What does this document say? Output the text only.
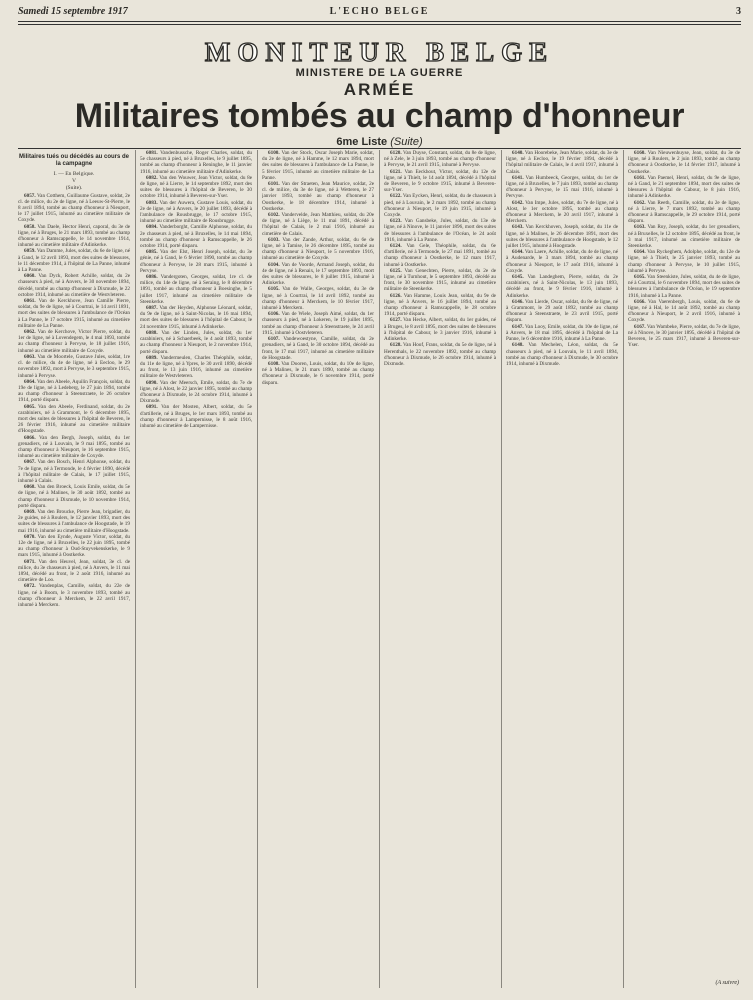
Samedi 15 septembre 1917	L'ECHO BELGE	3
MONITEUR BELGE
MINISTERE DE LA GUERRE
ARMÉE
Militaires tombés au champ d'honneur
6me Liste (Suite)
Militaires tués ou décédés au cours de la campagne
I. — En Belgique.
V
(Suite).

6057. Van Cotthem, Guillaume Gustave, soldat, 2e cl. de milice, du 2e de ligne, né à Leeuw-St-Pierre, le 8 avril 1894, tombé au champ d'honneur à Nieuport, le 17 juillet 1915, inhumé au cimetière militaire de Coxyde.

6058. Van Daele, Hector Henri, caporal, du 3e de ligne, né à Bruges, le 21 mars 1893, tombé au champ d'honneur à Ramscappelle, le 14 novembre 1914, inhumé au cimetière militaire d'Adinkerke.

6059. Van Damme, Jules, soldat, du 6e de ligne, né à Gand, le 12 avril 1893, mort des suites de blessures, le 11 décembre 1914, à l'hôpital de La Panne, inhumé à La Panne.

6060. Van Dyck, Robert Achille, soldat, du 2e chasseurs à pied, né à Anvers, le 30 novembre 1894, décédé, tombé au champ d'honneur à Dixmude, le 22 octobre 1914, inhumé au cimetière de Westvleteren.

6061. Van de Kerckhove, Jean Camille Pierre, soldat, du 9e de ligne, né à Courtrai, le 14 avril 1891, mort des suites de blessures à l'ambulance de l'Océan à La Panne, le 17 octobre 1915, inhumé au cimetière militaire de La Panne.

6062. Van de Kerchove, Victor Pierre, soldat, du 1er de ligne, né à Lovendegem, le 4 mai 1893, tombé au champ d'honneur à Pervyse, le 18 juillet 1916, inhumé au cimetière militaire de Coxyde.

6063. Van de Moortele, Gustave Jules, soldat, 1re cl. de milice, du 4e de ligne, né à Eecloo, le 29 novembre 1892, mort à Pervyse, le 3 septembre 1915, inhumé à Pervyse.

6064. Van den Abeele, Aquilin François, soldat, du 19e de ligne, né à Ledeberg, le 27 juin 1894, tombé au champ d'honneur à Steenstraete, le 26 octobre 1914, porté disparu.

6065. Van den Abeele, Ferdinand, soldat, du 2e carabiniers, né à Grammont, le 6 décembre 1895, mort des suites de blessures à l'hôpital de Beveren, le 26 février 1916, inhumé au cimetière militaire d'Hoogstade.

6066. Van den Bergh, Joseph, soldat, du 1er grenadiers, né à Louvain, le 9 mai 1895, tombé au champ d'honneur à Nieuport, le 16 septembre 1915, inhumé au cimetière militaire de Coxyde.

6067. Van den Bosch, Henri Alphonse, soldat, du 7e de ligne, né à Termonde, le 4 février 1890, décédé à l'hôpital militaire de Calais, le 17 juillet 1915, inhumé à Calais.

6068. Van den Broeck, Louis Emile, soldat, du 5e de ligne, né à Malines, le 30 août 1892, tombé au champ d'honneur à Dixmude, le 10 novembre 1914, porté disparu.

6069. Van den Broucke, Pierre Jean, brigadier, du 2e guides, né à Roulers, le 12 janvier 1893, mort des suites de blessures à l'ambulance de Hoogstade, le 19 mai 1916, inhumé au cimetière militaire d'Hoogstade.

6070. Van den Eynde, Auguste Victor, soldat, du 12e de ligne, né à Bruxelles, le 22 juin 1895, tombé au champ d'honneur à Oud-Stuyvekenskerke, le 9 mars 1915, inhumé à Oostkerke.

6071. Van den Heuvel, Jean, soldat, 3e cl. de milice, du 3e chasseurs à pied, né à Anvers, le 11 mai 1894, décédé au front, le 2 août 1916, inhumé au cimetière de Loo.

6072. Vandenplas, Camille, soldat, du 22e de ligne, né à Boom, le 3 novembre 1893, tombé au champ d'honneur à Merckem, le 22 avril 1917, inhumé à Merckem.

6081. Vandenbussche, Roger Charles, soldat, du 5e chasseurs à pied, né à Bruxelles, le 9 juillet 1895, tombé au champ d'honneur à Reninghe, le 11 janvier 1916, inhumé au cimetière militaire d'Adinkerke.

6082. Van den Wouwer, Jean Victor, soldat, du 8e de ligne, né à Lierre, le 14 septembre 1892, mort des suites de blessures à l'hôpital de Beveren, le 30 octobre 1914, inhumé à Beveren-sur-Yser.

6083. Van der Auwera, Gustave Louis, soldat, du 2e de ligne, né à Anvers, le 20 juillet 1893, décédé à l'ambulance de Rousbrugge, le 17 octobre 1915, inhumé au cimetière militaire de Rousbrugge.

6084. Vanderborght, Camille Alphonse, soldat, du 2e chasseurs à pied, né à Bruxelles, le 14 mai 1894, tombé au champ d'honneur à Ramscappelle, le 26 octobre 1914, porté disparu.

6085. Van der Elst, Henri Joseph, soldat, du 3e génie, né à Gand, le 6 février 1890, tombé au champ d'honneur à Pervyse, le 28 mars 1915, inhumé à Pervyse.

6086. Vandergoten, Georges, soldat, 1re cl. de milice, du 14e de ligne, né à Seraing, le 8 décembre 1891, tombé au champ d'honneur à Boesinghe, le 5 juillet 1917, inhumé au cimetière militaire de Steenkerke.

6087. Van der Heyden, Alphonse Léonard, soldat, du 9e de ligne, né à Saint-Nicolas, le 16 mai 1894, mort des suites de blessures à l'hôpital de Cabour, le 24 novembre 1915, inhumé à Adinkerke.

6088. Van der Linden, Jules, soldat, du 1er carabiniers, né à Schaerbeek, le 4 août 1893, tombé au champ d'honneur à Nieuport, le 2 novembre 1914, porté disparu.

6089. Vandermeulen, Charles Théophile, soldat, du 11e de ligne, né à Ypres, le 30 avril 1890, décédé au front, le 13 juin 1916, inhumé au cimetière militaire de Westvleteren.

6090. Van der Meersch, Emile, soldat, du 7e de ligne, né à Alost, le 22 janvier 1895, tombé au champ d'honneur à Dixmude, le 24 octobre 1914, inhumé à Dixmude.

6091. Van der Mosten, Albert, soldat, du 5e d'artillerie, né à Bruges, le 1er mars 1893, tombé au champ d'honneur à Lampernisse, le 8 août 1916, inhumé au cimetière de Lampernisse.

6100. Van der Stock, Oscar Joseph Marie, soldat, du 2e de ligne, né à Hamme, le 12 mars 1894, mort des suites de blessures à l'ambulance de La Panne, le 5 février 1915, inhumé au cimetière militaire de La Panne.

6101. Van der Straeten, Jean Maurice, soldat, 2e cl. de milice, du 3e de ligne, né à Wetteren, le 27 janvier 1893, tombé au champ d'honneur à Oostkerke, le 18 décembre 1914, inhumé à Oostkerke.

6102. Vandervelde, Jean Matthieu, soldat, du 20e de ligne, né à Liège, le 11 mai 1891, décédé à l'hôpital de Calais, le 2 mai 1916, inhumé au cimetière de Calais.

6103. Van der Zande, Arthur, soldat, du 6e de ligne, né à Tamise, le 26 décembre 1895, tombé au champ d'honneur à Nieuport, le 5 novembre 1916, inhumé au cimetière de Coxyde.

6104. Van de Voorde, Armand Joseph, soldat, du 4e de ligne, né à Renaix, le 17 septembre 1893, mort des suites de blessures, le 8 juillet 1915, inhumé à Adinkerke.

6105. Van de Walle, Georges, soldat, du 3e de ligne, né à Courtrai, le 14 avril 1892, tombé au champ d'honneur à Merckem, le 10 février 1917, inhumé à Merckem.

6106. Van de Wiele, Joseph Aimé, soldat, du 1er chasseurs à pied, né à Lokeren, le 19 juillet 1895, tombé au champ d'honneur à Steenstraete, le 24 avril 1915, inhumé à Oostvleteren.

6107. Vandewoestyne, Camille, soldat, du 2e grenadiers, né à Gand, le 30 octobre 1894, décédé au front, le 17 mai 1917, inhumé au cimetière militaire de Hoogstade.

6108. Van Dooren, Louis, soldat, du 10e de ligne, né à Malines, le 21 mars 1890, tombé au champ d'honneur à Dixmude, le 6 novembre 1914, porté disparu.

6120. Van Duyse, Constant, soldat, du 8e de ligne, né à Zele, le 3 juin 1893, tombé au champ d'honneur à Pervyse, le 21 avril 1915, inhumé à Pervyse.

6121. Van Eeckhout, Victor, soldat, du 12e de ligne, né à Thielt, le 14 août 1894, décédé à l'hôpital de Beveren, le 9 octobre 1915, inhumé à Beveren-sur-Yser.

6122. Van Eycken, Henri, soldat, du 4e chasseurs à pied, né à Louvain, le 2 mars 1892, tombé au champ d'honneur à Nieuport, le 19 juin 1915, inhumé à Coxyde.

6123. Van Gansbeke, Jules, soldat, du 13e de ligne, né à Ninove, le 11 janvier 1896, mort des suites de blessures à l'ambulance de l'Océan, le 24 août 1916, inhumé à La Panne.

6124. Van Gele, Théophile, soldat, du 6e d'artillerie, né à Termonde, le 27 mai 1891, tombé au champ d'honneur à Oostkerke, le 12 mars 1917, inhumé à Oostkerke.

6125. Van Genechten, Pierre, soldat, du 2e de ligne, né à Turnhout, le 5 septembre 1893, décédé au front, le 30 novembre 1915, inhumé au cimetière militaire de Steenkerke.

6126. Van Hamme, Louis Jean, soldat, du 9e de ligne, né à Anvers, le 16 juillet 1894, tombé au champ d'honneur à Ramscappelle, le 28 octobre 1914, porté disparu.

6127. Van Hecke, Albert, soldat, du 1er guides, né à Bruges, le 8 avril 1895, mort des suites de blessures à l'hôpital de Cabour, le 3 janvier 1916, inhumé à Adinkerke.

6128. Van Hoof, Frans, soldat, du 5e de ligne, né à Herenthals, le 22 novembre 1892, tombé au champ d'honneur à Dixmude, le 26 octobre 1914, inhumé à Dixmude.

6140. Van Hoorebeke, Jean Marie, soldat, du 3e de ligne, né à Eecloo, le 19 février 1894, décédé à l'hôpital militaire de Calais, le 4 avril 1917, inhumé à Calais.

6141. Van Humbeeck, Georges, soldat, du 1er de ligne, né à Bruxelles, le 7 juin 1893, tombé au champ d'honneur à Pervyse, le 15 mai 1916, inhumé à Pervyse.

6142. Van Impe, Jules, soldat, du 7e de ligne, né à Alost, le 1er octobre 1895, tombé au champ d'honneur à Merckem, le 20 avril 1917, inhumé à Merckem.

6143. Van Kerckhoven, Joseph, soldat, du 11e de ligne, né à Malines, le 26 décembre 1891, mort des suites de blessures à l'ambulance de Hoogstade, le 12 juillet 1915, inhumé à Hoogstade.

6144. Van Laere, Achille, soldat, du 4e de ligne, né à Audenarde, le 3 mars 1894, tombé au champ d'honneur à Nieuport, le 17 août 1916, inhumé à Coxyde.

6145. Van Landeghem, Pierre, soldat, du 2e carabiniers, né à Saint-Nicolas, le 13 juin 1893, décédé au front, le 9 février 1916, inhumé à Adinkerke.

6146. Van Lierde, Oscar, soldat, du 8e de ligne, né à Grammont, le 29 août 1892, tombé au champ d'honneur à Steenstraete, le 23 avril 1915, porté disparu.

6147. Van Looy, Emile, soldat, du 10e de ligne, né à Anvers, le 18 mai 1895, décédé à l'hôpital de La Panne, le 6 décembre 1916, inhumé à La Panne.

6148. Van Mechelen, Léon, soldat, du 5e chasseurs à pied, né à Louvain, le 11 avril 1894, tombé au champ d'honneur à Dixmude, le 30 octobre 1914, inhumé à Dixmude.

6160. Van Nieuwenhuyse, Jean, soldat, du 3e de ligne, né à Roulers, le 2 juin 1893, tombé au champ d'honneur à Oostkerke, le 14 février 1917, inhumé à Oostkerke.

6161. Van Paemel, Henri, soldat, du 9e de ligne, né à Gand, le 21 septembre 1894, mort des suites de blessures à l'hôpital de Cabour, le 8 juin 1916, inhumé à Adinkerke.

6162. Van Reeth, Camille, soldat, du 2e de ligne, né à Lierre, le 7 mars 1892, tombé au champ d'honneur à Ramscappelle, le 29 octobre 1914, porté disparu.

6163. Van Roy, Joseph, soldat, du 1er grenadiers, né à Bruxelles, le 12 octobre 1895, décédé au front, le 3 mai 1917, inhumé au cimetière militaire de Steenkerke.

6164. Van Ryckeghem, Adolphe, soldat, du 12e de ligne, né à Thielt, le 25 janvier 1893, tombé au champ d'honneur à Pervyse, le 10 juillet 1915, inhumé à Pervyse.

6165. Van Steenkiste, Jules, soldat, du 4e de ligne, né à Courtrai, le 6 novembre 1894, mort des suites de blessures à l'ambulance de l'Océan, le 19 septembre 1916, inhumé à La Panne.

6166. Van Vaerenbergh, Louis, soldat, du 6e de ligne, né à Hal, le 14 août 1892, tombé au champ d'honneur à Nieuport, le 2 avril 1916, inhumé à Coxyde.

6167. Van Wambeke, Pierre, soldat, du 7e de ligne, né à Ninove, le 30 janvier 1895, décédé à l'hôpital de Beveren, le 25 mars 1917, inhumé à Beveren-sur-Yser.

(A suivre)
